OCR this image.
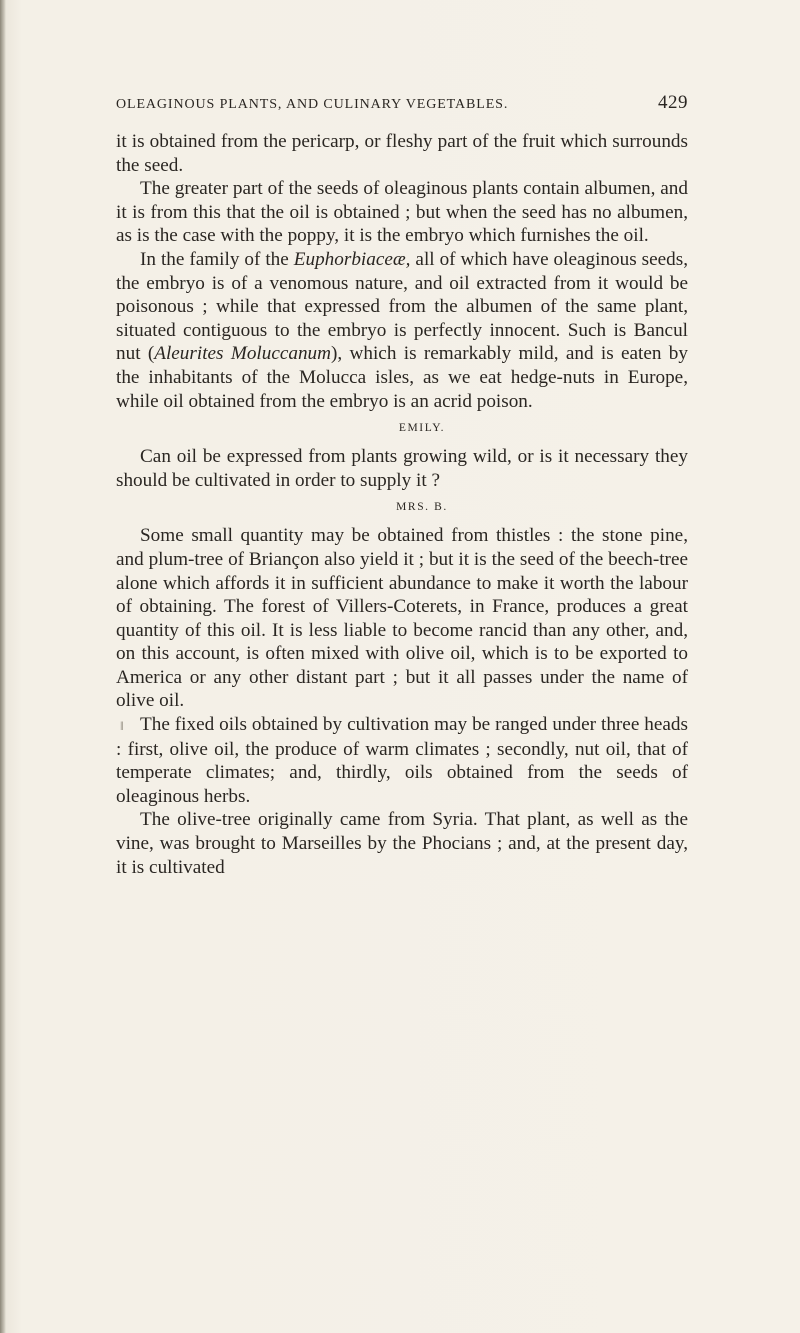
OLEAGINOUS PLANTS, AND CULINARY VEGETABLES.	429

it is obtained from the pericarp, or fleshy part of the fruit which surrounds the seed.

The greater part of the seeds of oleaginous plants contain albumen, and it is from this that the oil is obtained ; but when the seed has no albumen, as is the case with the poppy, it is the embryo which furnishes the oil.

In the family of the Euphorbiaceæ, all of which have oleaginous seeds, the embryo is of a venomous nature, and oil extracted from it would be poisonous ; while that expressed from the albumen of the same plant, situated contiguous to the embryo is perfectly innocent. Such is Bancul nut (Aleurites Moluccanum), which is remarkably mild, and is eaten by the inhabitants of the Molucca isles, as we eat hedge-nuts in Europe, while oil obtained from the embryo is an acrid poison.

EMILY.

Can oil be expressed from plants growing wild, or is it necessary they should be cultivated in order to supply it ?

MRS. B.

Some small quantity may be obtained from thistles : the stone pine, and plum-tree of Briançon also yield it ; but it is the seed of the beech-tree alone which affords it in sufficient abundance to make it worth the labour of obtaining. The forest of Villers-Coterets, in France, produces a great quantity of this oil. It is less liable to become rancid than any other, and, on this account, is often mixed with olive oil, which is to be exported to America or any other distant part ; but it all passes under the name of olive oil.

ǁ The fixed oils obtained by cultivation may be ranged under three heads : first, olive oil, the produce of warm climates ; secondly, nut oil, that of temperate climates; and, thirdly, oils obtained from the seeds of oleaginous herbs.

The olive-tree originally came from Syria. That plant, as well as the vine, was brought to Marseilles by the Phocians ; and, at the present day, it is cultivated
